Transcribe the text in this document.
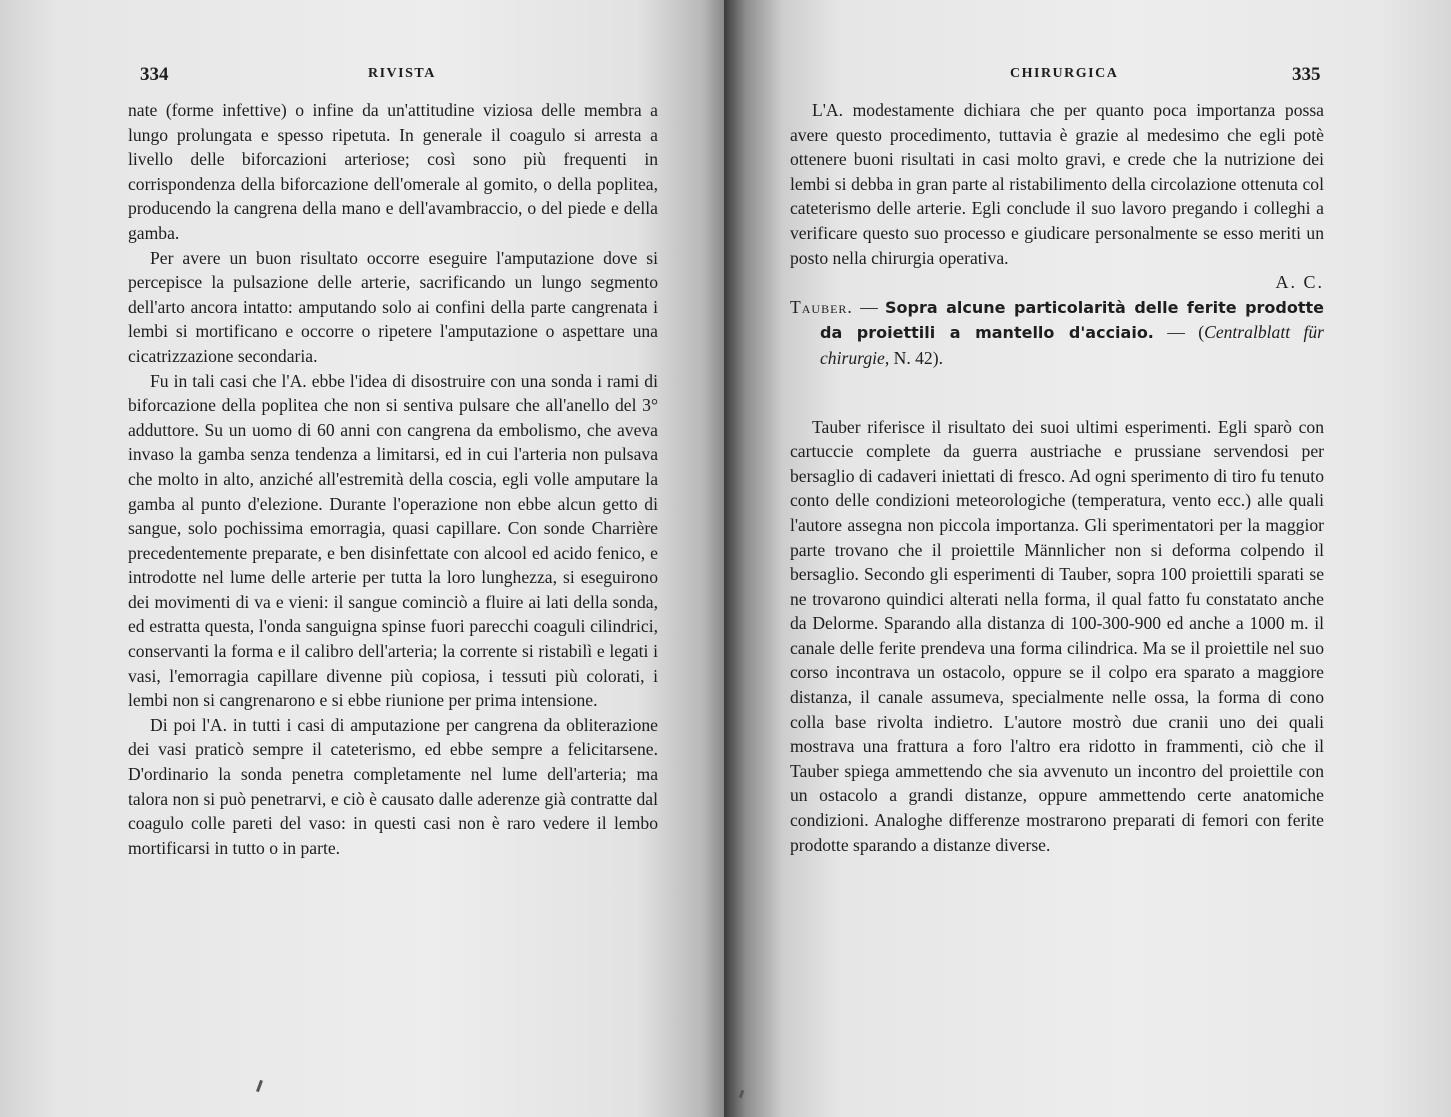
334	RIVISTA

nate (forme infettive) o infine da un'attitudine viziosa delle membra a lungo prolungata e spesso ripetuta. In generale il coagulo si arresta a livello delle biforcazioni arteriose; così sono più frequenti in corrispondenza della biforcazione dell'omerale al gomito, o della poplitea, producendo la cangrena della mano e dell'avambraccio, o del piede e della gamba.

Per avere un buon risultato occorre eseguire l'amputazione dove si percepisce la pulsazione delle arterie, sacrificando un lungo segmento dell'arto ancora intatto: amputando solo ai confini della parte cangrenata i lembi si mortificano e occorre o ripetere l'amputazione o aspettare una cicatrizzazione secondaria.

Fu in tali casi che l'A. ebbe l'idea di disostruire con una sonda i rami di biforcazione della poplitea che non si sentiva pulsare che all'anello del 3° adduttore. Su un uomo di 60 anni con cangrena da embolismo, che aveva invaso la gamba senza tendenza a limitarsi, ed in cui l'arteria non pulsava che molto in alto, anziché all'estremità della coscia, egli volle amputare la gamba al punto d'elezione. Durante l'operazione non ebbe alcun getto di sangue, solo pochissima emorragia, quasi capillare. Con sonde Charrière precedentemente preparate, e ben disinfettate con alcool ed acido fenico, e introdotte nel lume delle arterie per tutta la loro lunghezza, si eseguirono dei movimenti di va e vieni: il sangue cominciò a fluire ai lati della sonda, ed estratta questa, l'onda sanguigna spinse fuori parecchi coaguli cilindrici, conservanti la forma e il calibro dell'arteria; la corrente si ristabilì e legati i vasi, l'emorragia capillare divenne più copiosa, i tessuti più colorati, i lembi non si cangrenarono e si ebbe riunione per prima intensione.

Di poi l'A. in tutti i casi di amputazione per cangrena da obliterazione dei vasi praticò sempre il cateterismo, ed ebbe sempre a felicitarsene. D'ordinario la sonda penetra completamente nel lume dell'arteria; ma talora non si può penetrarvi, e ciò è causato dalle aderenze già contratte dal coagulo colle pareti del vaso: in questi casi non è raro vedere il lembo mortificarsi in tutto o in parte.

CHIRURGICA	335

L'A. modestamente dichiara che per quanto poca importanza possa avere questo procedimento, tuttavia è grazie al medesimo che egli potè ottenere buoni risultati in casi molto gravi, e crede che la nutrizione dei lembi si debba in gran parte al ristabilimento della circolazione ottenuta col cateterismo delle arterie. Egli conclude il suo lavoro pregando i colleghi a verificare questo suo processo e giudicare personalmente se esso meriti un posto nella chirurgia operativa.

A. C.

Tauber. — Sopra alcune particolarità delle ferite prodotte da proiettili a mantello d'acciaio. — (Centralblatt für chirurgie, N. 42).

Tauber riferisce il risultato dei suoi ultimi esperimenti. Egli sparò con cartuccie complete da guerra austriache e prussiane servendosi per bersaglio di cadaveri iniettati di fresco. Ad ogni sperimento di tiro fu tenuto conto delle condizioni meteorologiche (temperatura, vento ecc.) alle quali l'autore assegna non piccola importanza. Gli sperimentatori per la maggior parte trovano che il proiettile Männlicher non si deforma colpendo il bersaglio. Secondo gli esperimenti di Tauber, sopra 100 proiettili sparati se ne trovarono quindici alterati nella forma, il qual fatto fu constatato anche da Delorme. Sparando alla distanza di 100-300-900 ed anche a 1000 m. il canale delle ferite prendeva una forma cilindrica. Ma se il proiettile nel suo corso incontrava un ostacolo, oppure se il colpo era sparato a maggiore distanza, il canale assumeva, specialmente nelle ossa, la forma di cono colla base rivolta indietro. L'autore mostrò due cranii uno dei quali mostrava una frattura a foro l'altro era ridotto in frammenti, ciò che il Tauber spiega ammettendo che sia avvenuto un incontro del proiettile con un ostacolo a grandi distanze, oppure ammettendo certe anatomiche condizioni. Analoghe differenze mostrarono preparati di femori con ferite prodotte sparando a distanze diverse.
